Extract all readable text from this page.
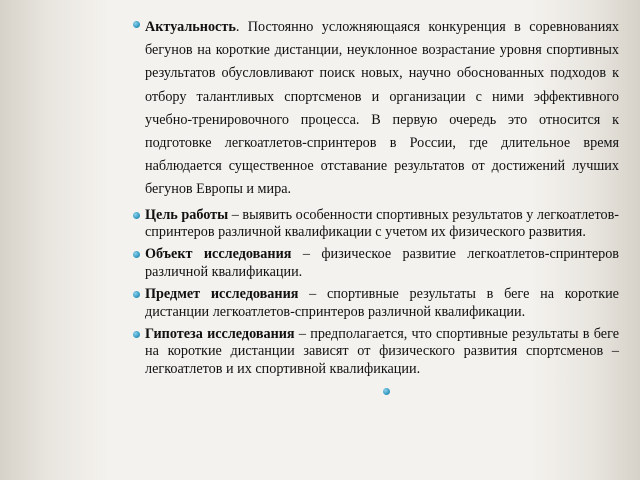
Актуальность. Постоянно усложняющаяся конкуренция в соревнованиях бегунов на короткие дистанции, неуклонное возрастание уровня спортивных результатов обусловливают поиск новых, научно обоснованных подходов к отбору талантливых спортсменов и организации с ними эффективного учебно-тренировочного процесса. В первую очередь это относится к подготовке легкоатлетов-спринтеров в России, где длительное время наблюдается существенное отставание результатов от достижений лучших бегунов Европы и мира.
Цель работы – выявить особенности спортивных результатов у легкоатлетов-спринтеров различной квалификации с учетом их физического развития.
Объект исследования – физическое развитие легкоатлетов-спринтеров различной квалификации.
Предмет исследования – спортивные результаты в беге на короткие дистанции легкоатлетов-спринтеров различной квалификации.
Гипотеза исследования – предполагается, что спортивные результаты в беге на короткие дистанции зависят от физического развития спортсменов – легкоатлетов и их спортивной квалификации.
